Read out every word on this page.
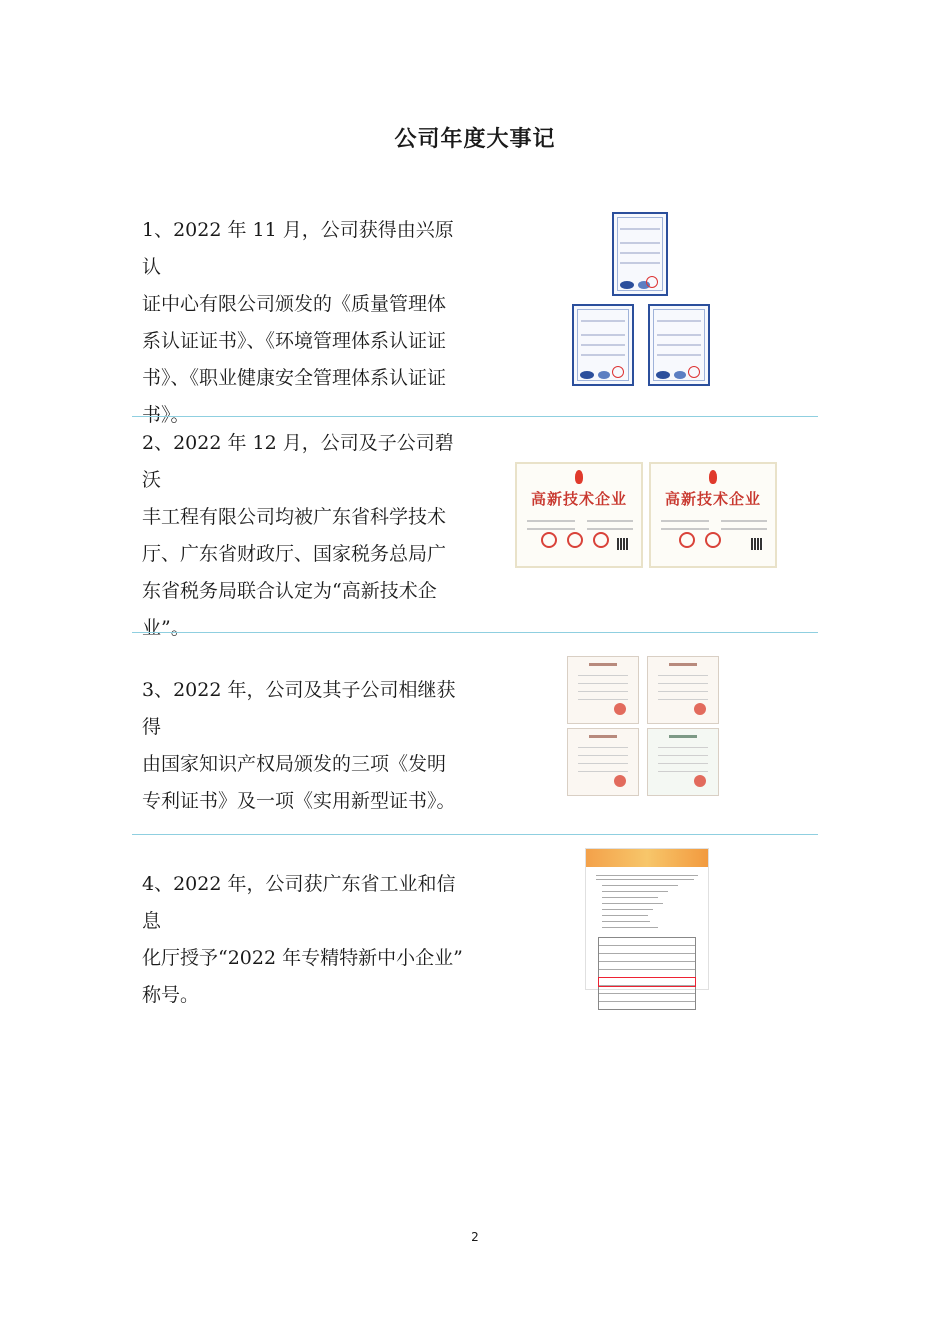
公司年度大事记
1、2022 年 11 月，公司获得由兴原认
证中心有限公司颁发的《质量管理体
系认证证书》、《环境管理体系认证证
书》、《职业健康安全管理体系认证证
书》。
2、2022 年 12 月，公司及子公司碧沃
丰工程有限公司均被广东省科学技术
厅、广东省财政厅、国家税务总局广
东省税务局联合认定为“高新技术企
业”。
高新技术企业	高新技术企业
3、2022 年，公司及其子公司相继获得
由国家知识产权局颁发的三项《发明
专利证书》及一项《实用新型证书》。
4、2022 年，公司获广东省工业和信息
化厅授予“2022 年专精特新中小企业”
称号。
2
